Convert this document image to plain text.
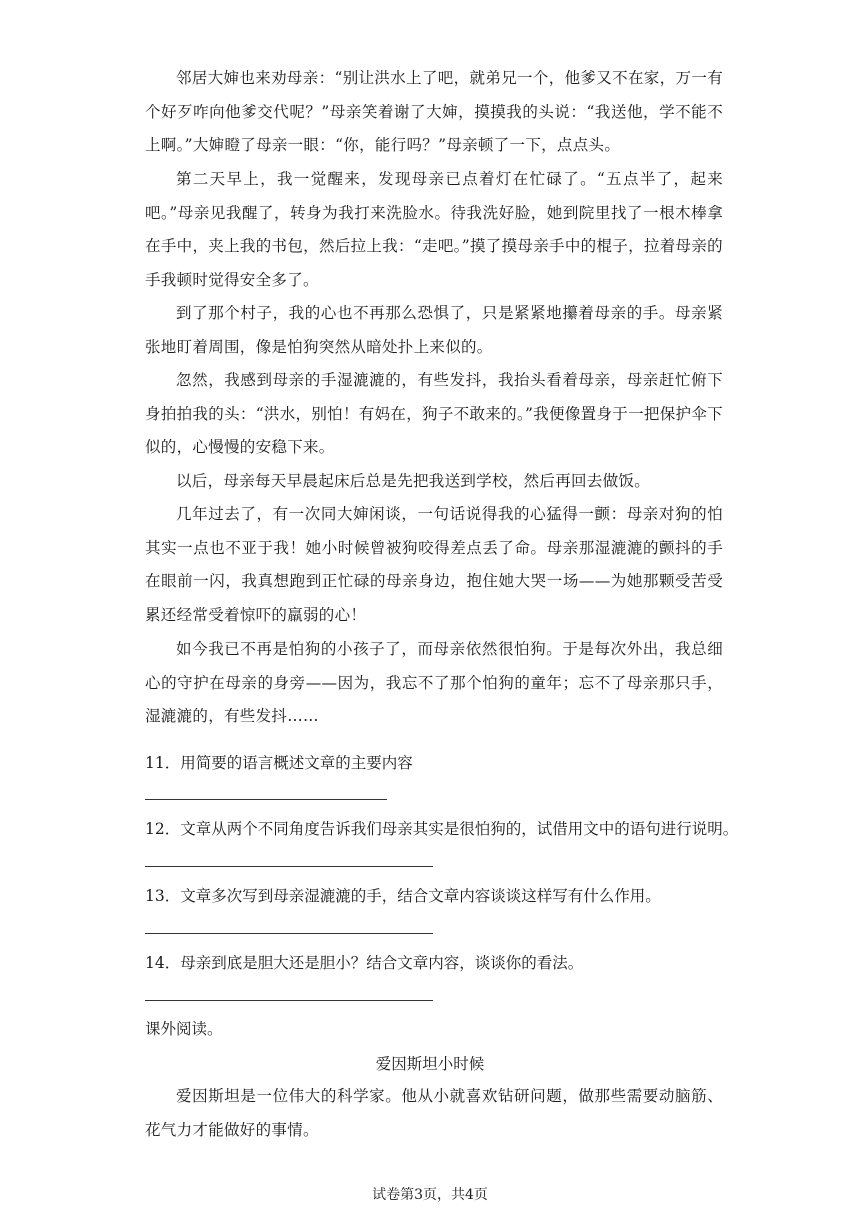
邻居大婶也来劝母亲：“别让洪水上了吧，就弟兄一个，他爹又不在家，万一有个好歹咋向他爹交代呢？”母亲笑着谢了大婶，摸摸我的头说：“我送他，学不能不上啊。”大婶瞪了母亲一眼：“你，能行吗？”母亲顿了一下，点点头。

第二天早上，我一觉醒来，发现母亲已点着灯在忙碌了。“五点半了，起来吧。”母亲见我醒了，转身为我打来洗脸水。待我洗好脸，她到院里找了一根木棒拿在手中，夹上我的书包，然后拉上我：“走吧。”摸了摸母亲手中的棍子，拉着母亲的手我顿时觉得安全多了。

到了那个村子，我的心也不再那么恐惧了，只是紧紧地攥着母亲的手。母亲紧张地盯着周围，像是怕狗突然从暗处扑上来似的。

忽然，我感到母亲的手湿漉漉的，有些发抖，我抬头看着母亲，母亲赶忙俯下身拍拍我的头：“洪水，别怕！有妈在，狗子不敢来的。”我便像置身于一把保护伞下似的，心慢慢的安稳下来。

以后，母亲每天早晨起床后总是先把我送到学校，然后再回去做饭。

几年过去了，有一次同大婶闲谈，一句话说得我的心猛得一颤：母亲对狗的怕其实一点也不亚于我！她小时候曾被狗咬得差点丢了命。母亲那湿漉漉的颤抖的手在眼前一闪，我真想跑到正忙碌的母亲身边，抱住她大哭一场——为她那颗受苦受累还经常受着惊吓的羸弱的心！

如今我已不再是怕狗的小孩子了，而母亲依然很怕狗。于是每次外出，我总细心的守护在母亲的身旁——因为，我忘不了那个怕狗的童年；忘不了母亲那只手，湿漉漉的，有些发抖……

11．用简要的语言概述文章的主要内容

12．文章从两个不同角度告诉我们母亲其实是很怕狗的，试借用文中的语句进行说明。

13．文章多次写到母亲湿漉漉的手，结合文章内容谈谈这样写有什么作用。

14．母亲到底是胆大还是胆小？结合文章内容，谈谈你的看法。

课外阅读。

爱因斯坦小时候

爱因斯坦是一位伟大的科学家。他从小就喜欢钻研问题，做那些需要动脑筋、花气力才能做好的事情。

试卷第3页，共4页
